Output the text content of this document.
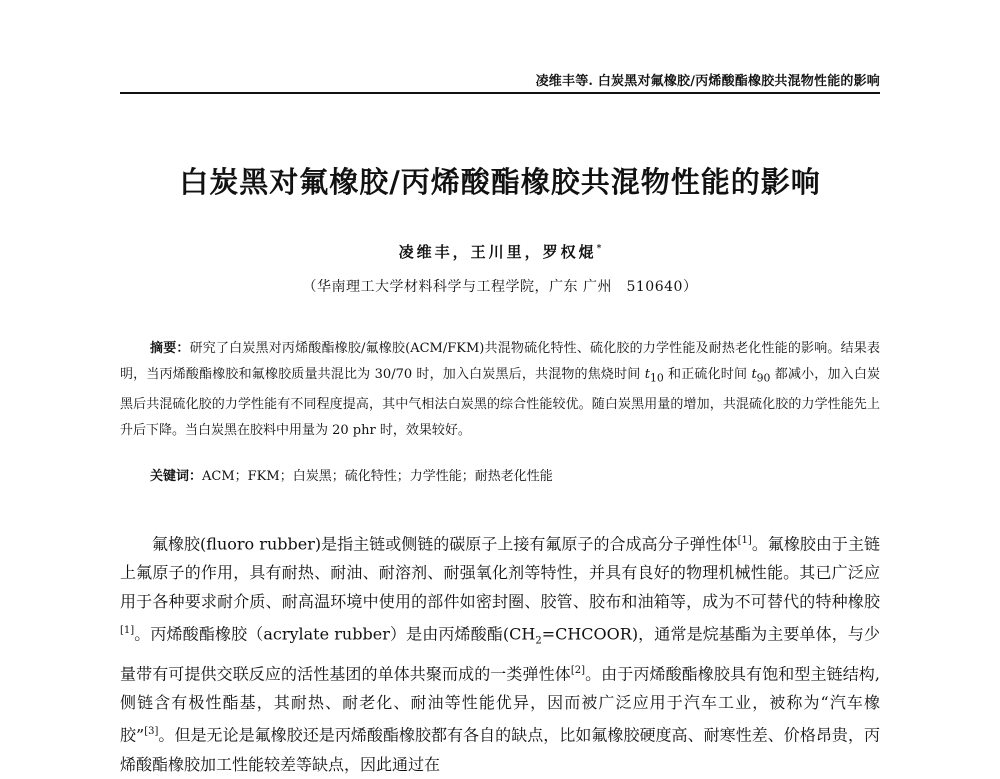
凌维丰等. 白炭黑对氟橡胶/丙烯酸酯橡胶共混物性能的影响
白炭黑对氟橡胶/丙烯酸酯橡胶共混物性能的影响
凌维丰，王川里，罗权焜*
（华南理工大学材料科学与工程学院，广东 广州　510640）
摘要：研究了白炭黑对丙烯酸酯橡胶/氟橡胶(ACM/FKM)共混物硫化特性、硫化胶的力学性能及耐热老化性能的影响。结果表明，当丙烯酸酯橡胶和氟橡胶质量共混比为 30/70 时，加入白炭黑后，共混物的焦烧时间 $t_{10}$ 和正硫化时间 $t_{90}$ 都减小，加入白炭黑后共混硫化胶的力学性能有不同程度提高，其中气相法白炭黑的综合性能较优。随白炭黑用量的增加，共混硫化胶的力学性能先上升后下降。当白炭黑在胶料中用量为 20 phr 时，效果较好。
关键词：ACM；FKM；白炭黑；硫化特性；力学性能；耐热老化性能
氟橡胶(fluoro rubber)是指主链或侧链的碳原子上接有氟原子的合成高分子弹性体[1]。氟橡胶由于主链上氟原子的作用，具有耐热、耐油、耐溶剂、耐强氧化剂等特性，并具有良好的物理机械性能。其已广泛应用于各种要求耐介质、耐高温环境中使用的部件如密封圈、胶管、胶布和油箱等，成为不可替代的特种橡胶[1]。丙烯酸酯橡胶（acrylate rubber）是由丙烯酸酯$(CH_2=CHCOOR)$，通常是烷基酯为主要单体，与少量带有可提供交联反应的活性基团的单体共聚而成的一类弹性体[2]。由于丙烯酸酯橡胶具有饱和型主链结构,侧链含有极性酯基，其耐热、耐老化、耐油等性能优异，因而被广泛应用于汽车工业，被称为“汽车橡胶”[3]。但是无论是氟橡胶还是丙烯酸酯橡胶都有各自的缺点，比如氟橡胶硬度高、耐寒性差、价格昂贵，丙烯酸酯橡胶加工性能较差等缺点，因此通过在
